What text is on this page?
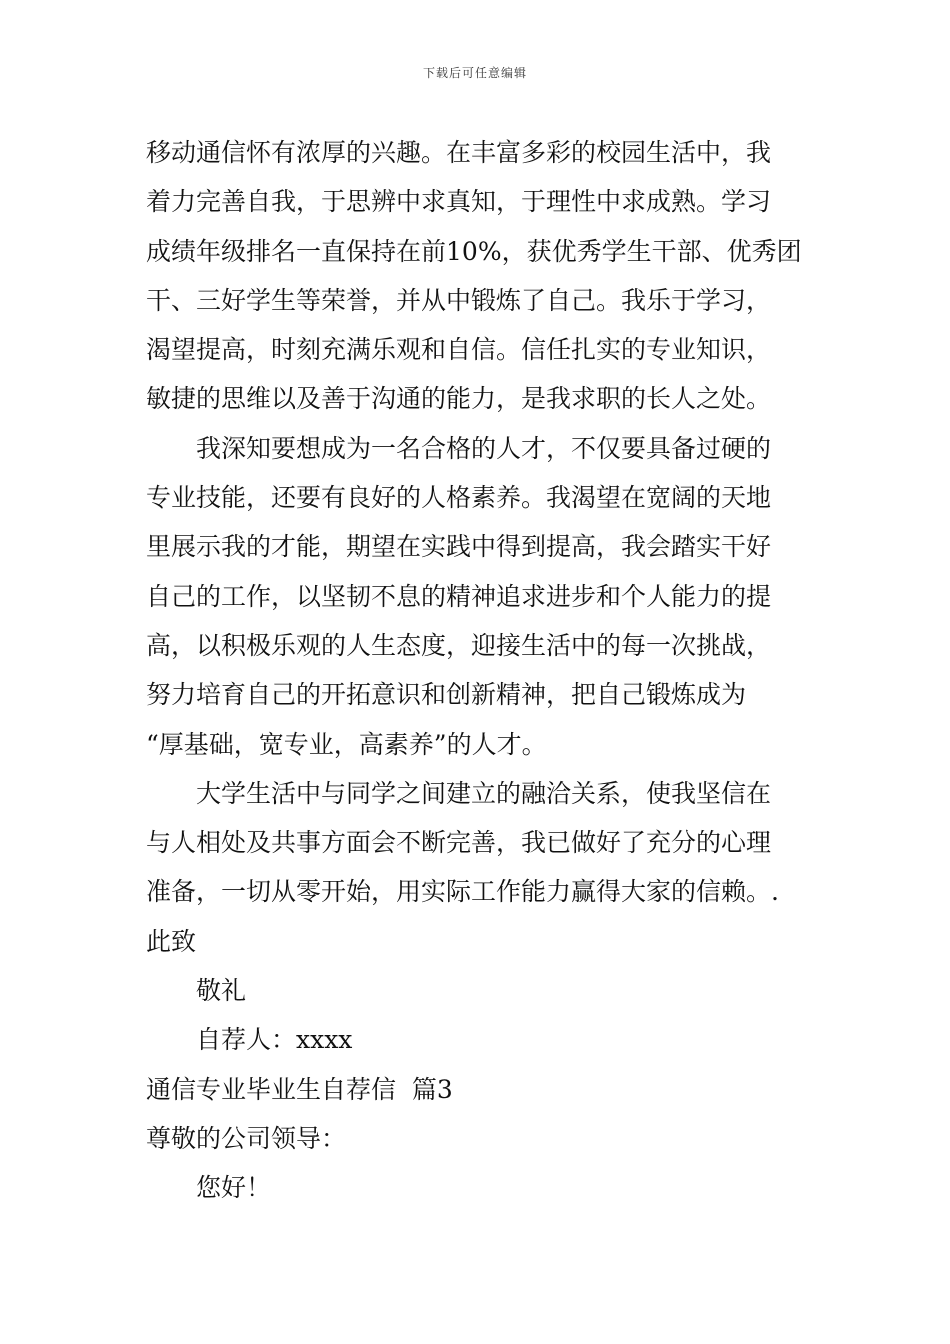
下载后可任意编辑
移动通信怀有浓厚的兴趣。在丰富多彩的校园生活中，我
着力完善自我，于思辨中求真知，于理性中求成熟。学习
成绩年级排名一直保持在前10%，获优秀学生干部、优秀团
干、三好学生等荣誉，并从中锻炼了自己。我乐于学习，
渴望提高，时刻充满乐观和自信。信任扎实的专业知识，
敏捷的思维以及善于沟通的能力，是我求职的长人之处。
我深知要想成为一名合格的人才，不仅要具备过硬的
专业技能，还要有良好的人格素养。我渴望在宽阔的天地
里展示我的才能，期望在实践中得到提高，我会踏实干好
自己的工作，以坚韧不息的精神追求进步和个人能力的提
高，以积极乐观的人生态度，迎接生活中的每一次挑战，
努力培育自己的开拓意识和创新精神，把自己锻炼成为
“厚基础，宽专业，高素养”的人才。
大学生活中与同学之间建立的融洽关系，使我坚信在
与人相处及共事方面会不断完善，我已做好了充分的心理
准备，一切从零开始，用实际工作能力赢得大家的信赖。.
此致
敬礼
自荐人：xxxx
通信专业毕业生自荐信  篇3
尊敬的公司领导：
您好！
